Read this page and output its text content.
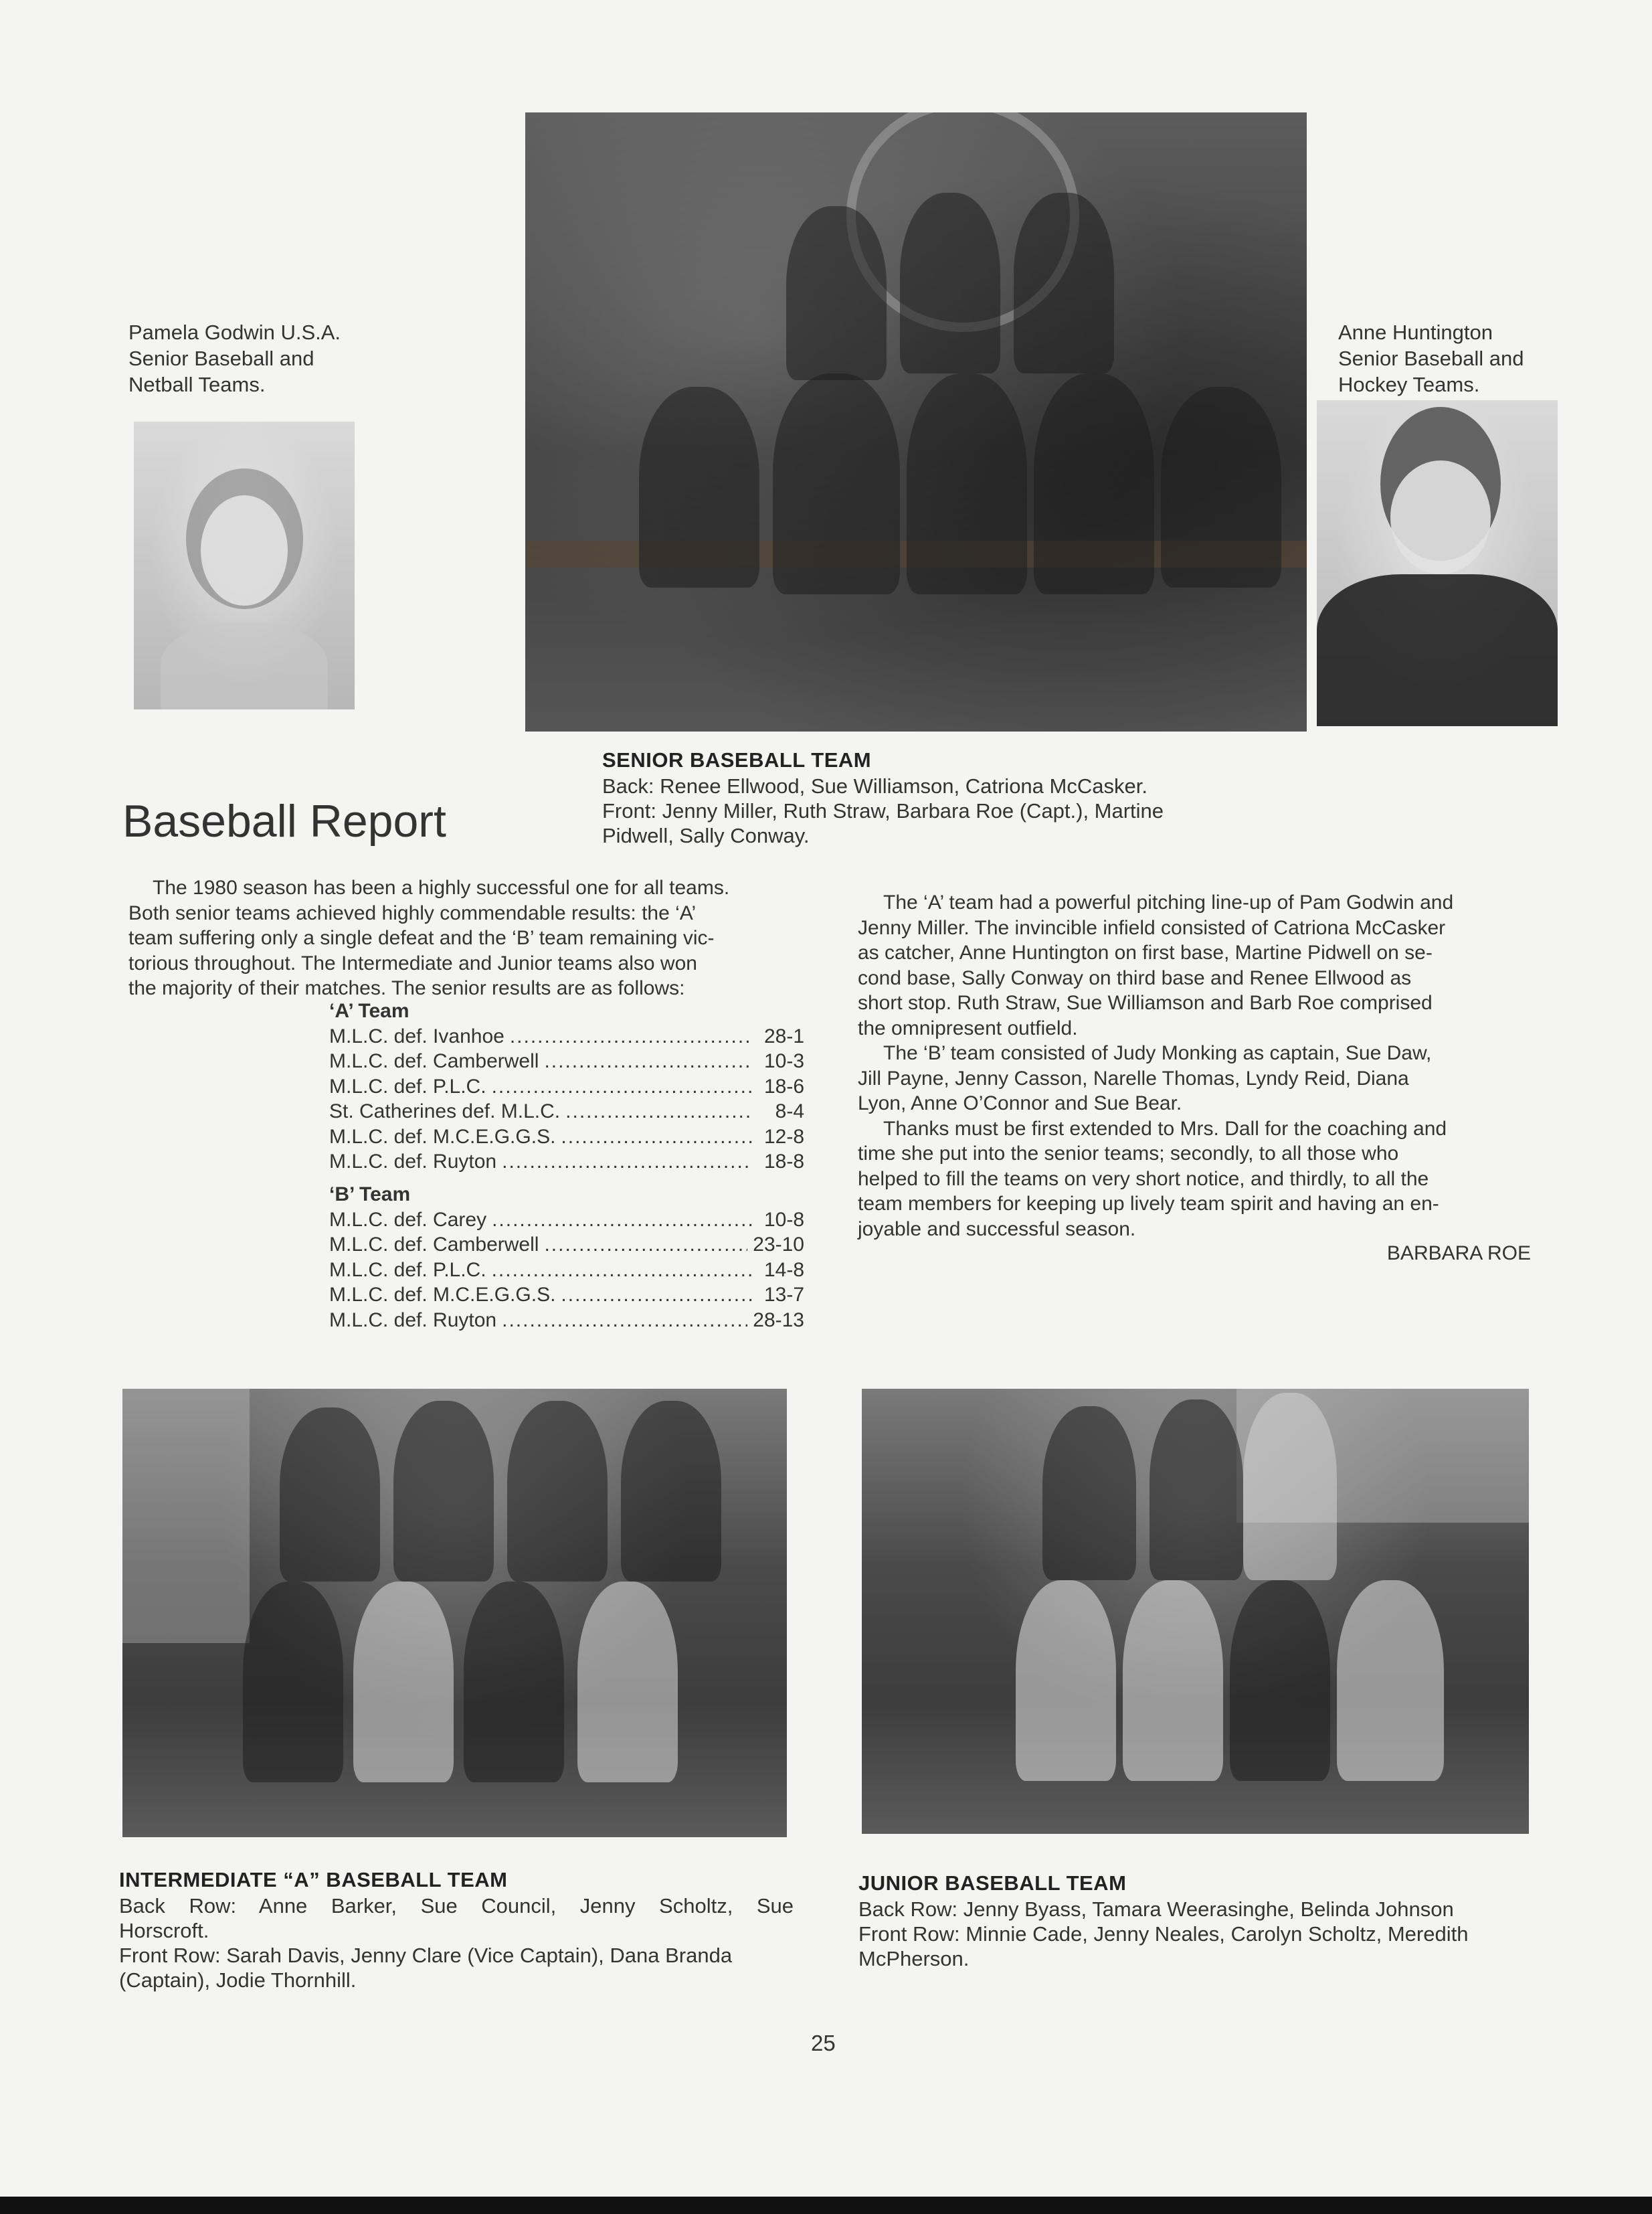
Pamela Godwin U.S.A.
Senior Baseball and
Netball Teams.
Anne Huntington
Senior Baseball and
Hockey Teams.
SENIOR BASEBALL TEAM
Back: Renee Ellwood, Sue Williamson, Catriona McCasker.
Front: Jenny Miller, Ruth Straw, Barbara Roe (Capt.), Martine
Pidwell, Sally Conway.
Baseball Report
The 1980 season has been a highly successful one for all teams.
Both senior teams achieved highly commendable results: the ‘A’
team suffering only a single defeat and the ‘B’ team remaining vic-
torious throughout. The Intermediate and Junior teams also won
the majority of their matches. The senior results are as follows:
‘A’ Team
M.L.C. def. Ivanhoe .....	28-1
M.L.C. def. Camberwell .....	10-3
M.L.C. def. P.L.C. .....	18-6
St. Catherines def. M.L.C. .....	8-4
M.L.C. def. M.C.E.G.G.S. .....	12-8
M.L.C. def. Ruyton .....	18-8
‘B’ Team
M.L.C. def. Carey .....	10-8
M.L.C. def. Camberwell .....	23-10
M.L.C. def. P.L.C. .....	14-8
M.L.C. def. M.C.E.G.G.S. .....	13-7
M.L.C. def. Ruyton .....	28-13
The ‘A’ team had a powerful pitching line-up of Pam Godwin and
Jenny Miller. The invincible infield consisted of Catriona McCasker
as catcher, Anne Huntington on first base, Martine Pidwell on se-
cond base, Sally Conway on third base and Renee Ellwood as
short stop. Ruth Straw, Sue Williamson and Barb Roe comprised
the omnipresent outfield.
The ‘B’ team consisted of Judy Monking as captain, Sue Daw,
Jill Payne, Jenny Casson, Narelle Thomas, Lyndy Reid, Diana
Lyon, Anne O’Connor and Sue Bear.
Thanks must be first extended to Mrs. Dall for the coaching and
time she put into the senior teams; secondly, to all those who
helped to fill the teams on very short notice, and thirdly, to all the
team members for keeping up lively team spirit and having an en-
joyable and successful season.
BARBARA ROE
INTERMEDIATE “A” BASEBALL TEAM
Back Row: Anne Barker, Sue Council, Jenny Scholtz, Sue
Horscroft.
Front Row: Sarah Davis, Jenny Clare (Vice Captain), Dana Branda
(Captain), Jodie Thornhill.
JUNIOR BASEBALL TEAM
Back Row: Jenny Byass, Tamara Weerasinghe, Belinda Johnson
Front Row: Minnie Cade, Jenny Neales, Carolyn Scholtz, Meredith
McPherson.
25
